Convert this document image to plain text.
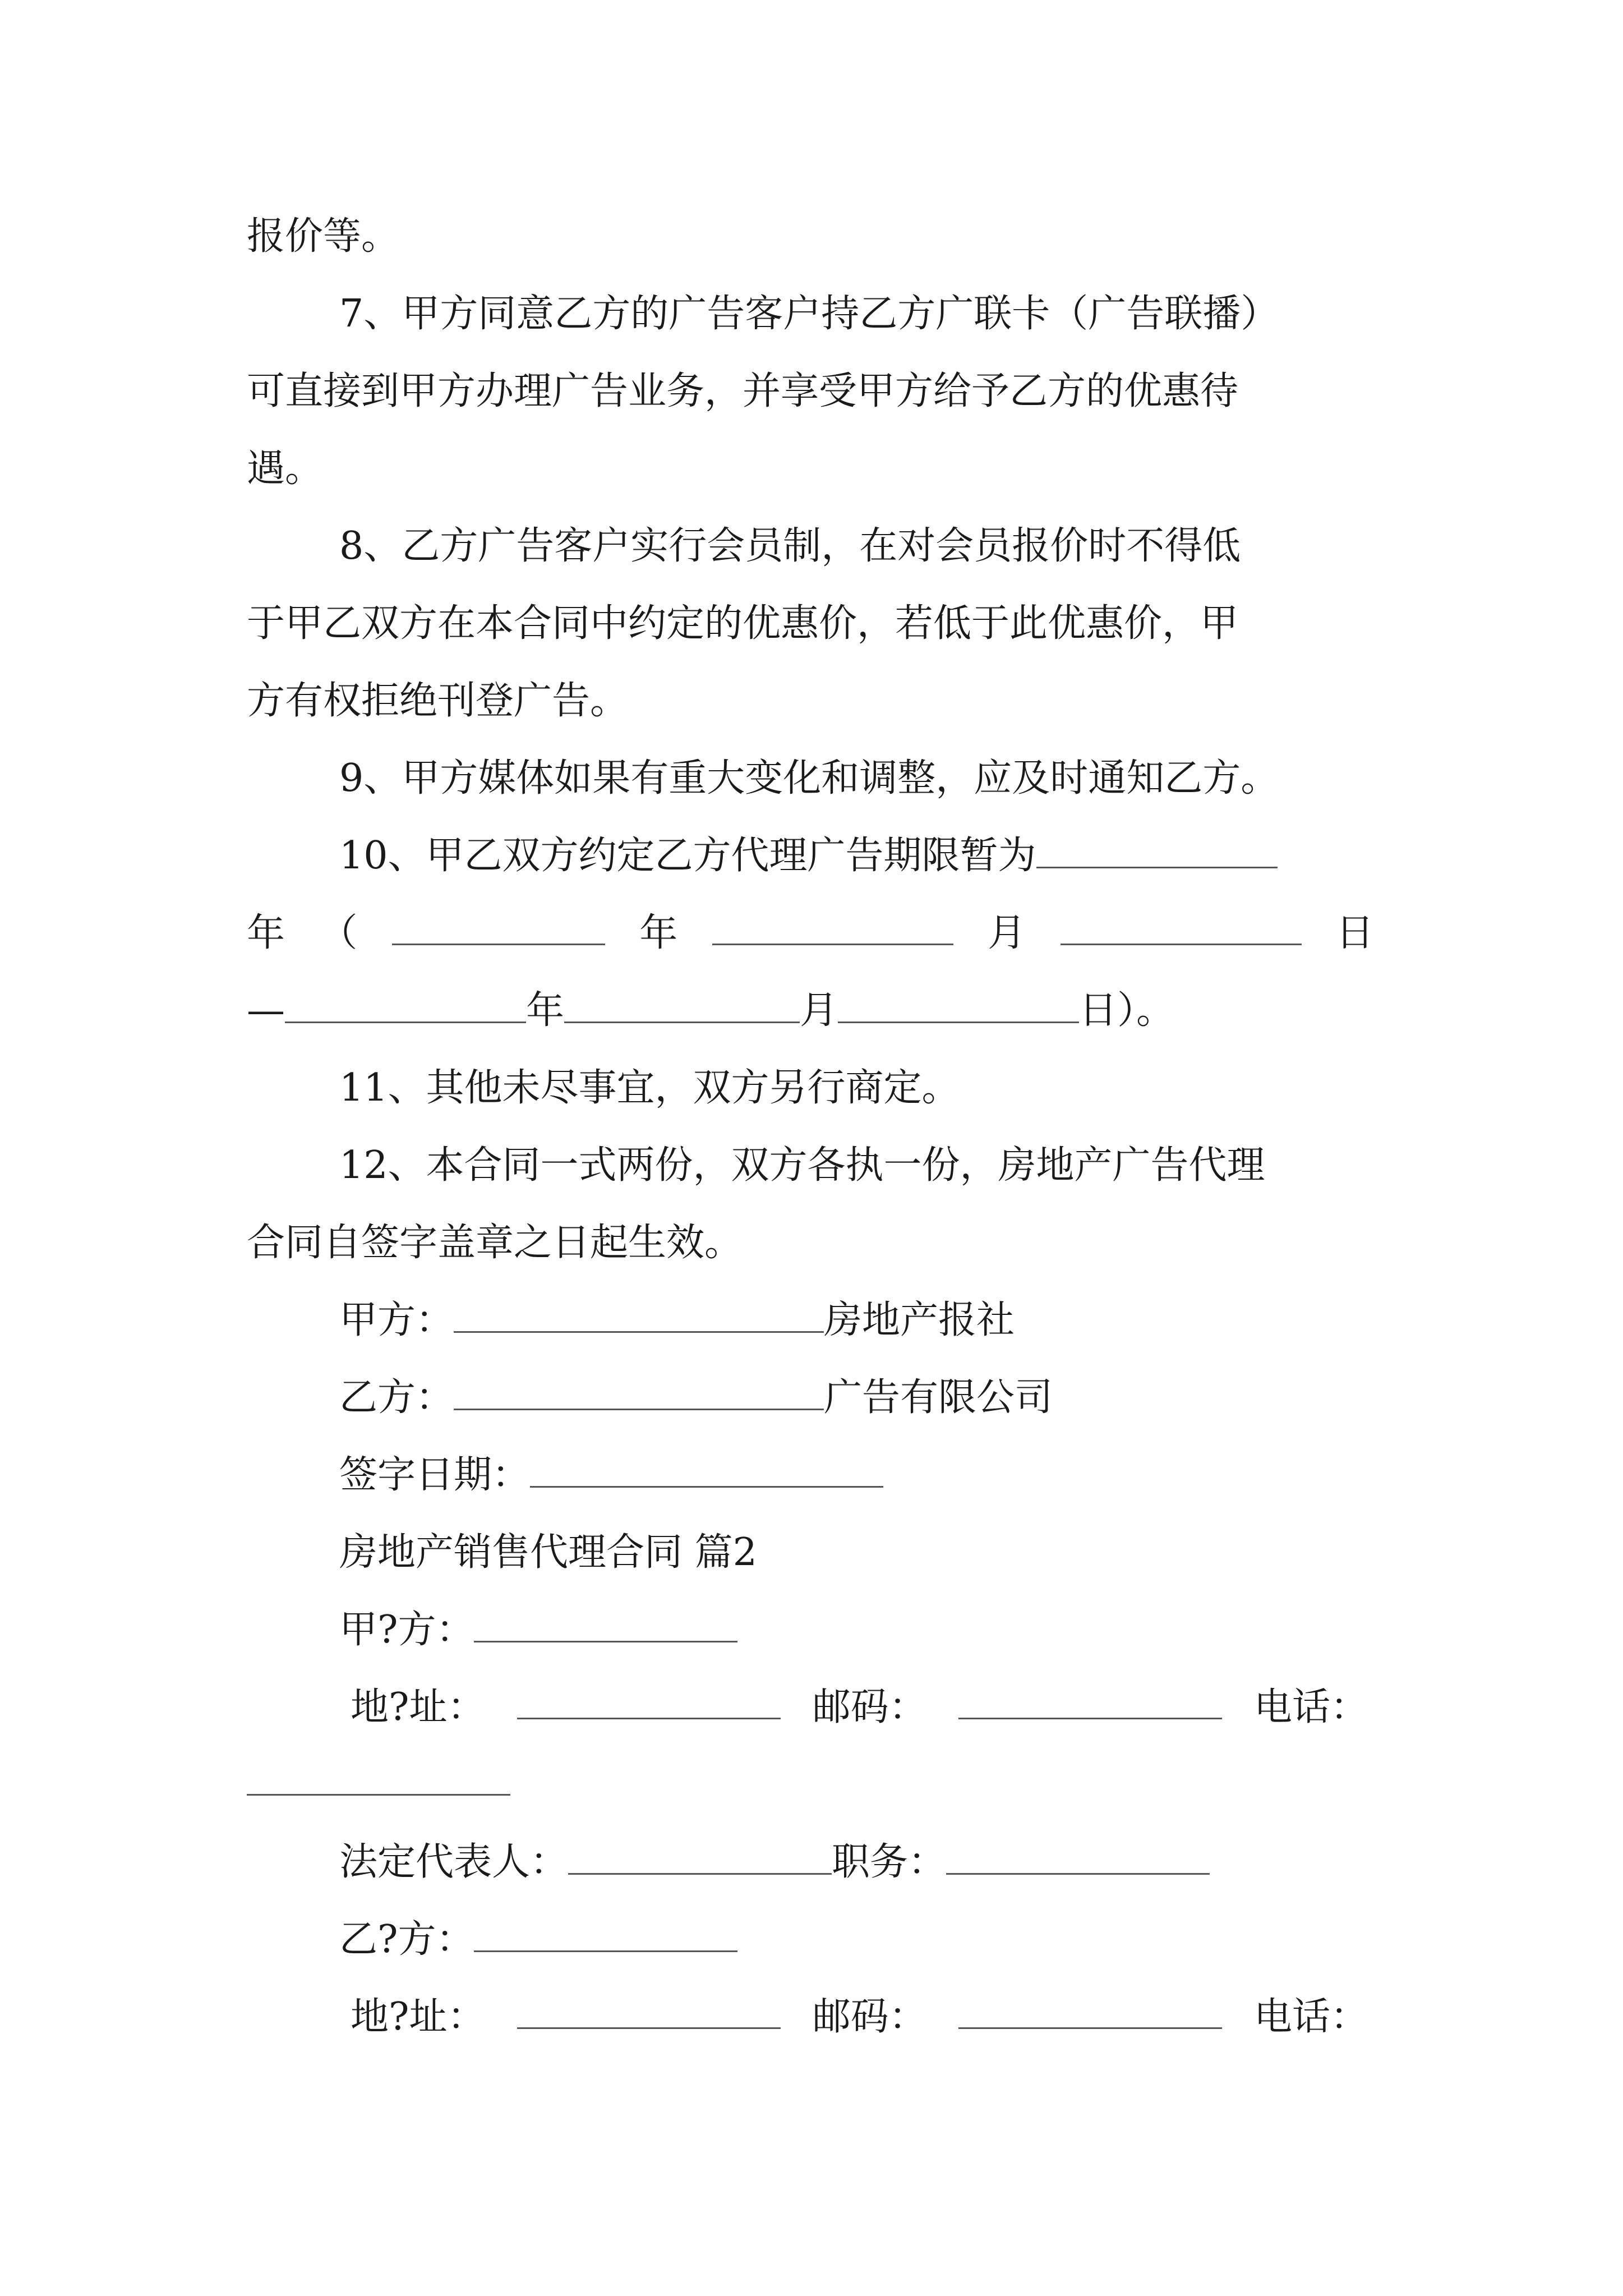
报价等。
7、甲方同意乙方的广告客户持乙方广联卡（广告联播）
可直接到甲方办理广告业务，并享受甲方给予乙方的优惠待
遇。
8、乙方广告客户实行会员制，在对会员报价时不得低
于甲乙双方在本合同中约定的优惠价，若低于此优惠价，甲
方有权拒绝刊登广告。
9、甲方媒体如果有重大变化和调整，应及时通知乙方。
10、甲乙双方约定乙方代理广告期限暂为
年 （	年	月	日
—	年	月	日）。
11、其他未尽事宜，双方另行商定。
12、本合同一式两份，双方各执一份，房地产广告代理
合同自签字盖章之日起生效。
甲方：	房地产报社
乙方：	广告有限公司
签字日期：
房地产销售代理合同 篇2
甲?方：
地?址：	邮码：	电话：
法定代表人：	职务：
乙?方：
地?址：	邮码：	电话：
